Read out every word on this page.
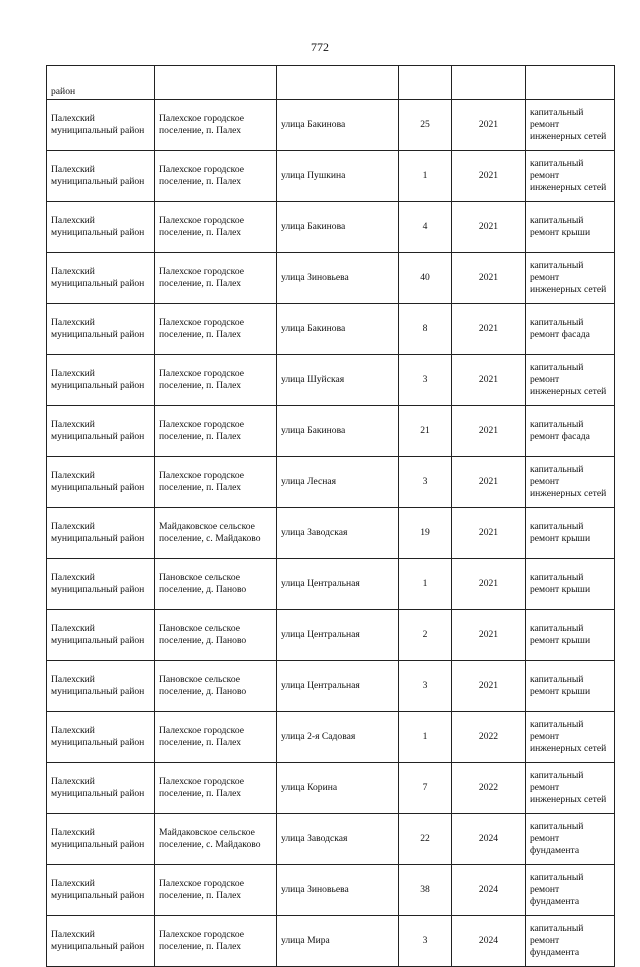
772
район					
Палехский муниципальный район	Палехское городское поселение, п. Палех	улица Бакинова	25	2021	капитальный ремонт инженерных сетей
Палехский муниципальный район	Палехское городское поселение, п. Палех	улица Пушкина	1	2021	капитальный ремонт инженерных сетей
Палехский муниципальный район	Палехское городское поселение, п. Палех	улица Бакинова	4	2021	капитальный ремонт крыши
Палехский муниципальный район	Палехское городское поселение, п. Палех	улица Зиновьева	40	2021	капитальный ремонт инженерных сетей
Палехский муниципальный район	Палехское городское поселение, п. Палех	улица Бакинова	8	2021	капитальный ремонт фасада
Палехский муниципальный район	Палехское городское поселение, п. Палех	улица Шуйская	3	2021	капитальный ремонт инженерных сетей
Палехский муниципальный район	Палехское городское поселение, п. Палех	улица Бакинова	21	2021	капитальный ремонт фасада
Палехский муниципальный район	Палехское городское поселение, п. Палех	улица Лесная	3	2021	капитальный ремонт инженерных сетей
Палехский муниципальный район	Майдаковское сельское поселение, с. Майдаково	улица Заводская	19	2021	капитальный ремонт крыши
Палехский муниципальный район	Пановское сельское поселение, д. Паново	улица Центральная	1	2021	капитальный ремонт крыши
Палехский муниципальный район	Пановское сельское поселение, д. Паново	улица Центральная	2	2021	капитальный ремонт крыши
Палехский муниципальный район	Пановское сельское поселение, д. Паново	улица Центральная	3	2021	капитальный ремонт крыши
Палехский муниципальный район	Палехское городское поселение, п. Палех	улица 2-я Садовая	1	2022	капитальный ремонт инженерных сетей
Палехский муниципальный район	Палехское городское поселение, п. Палех	улица Корина	7	2022	капитальный ремонт инженерных сетей
Палехский муниципальный район	Майдаковское сельское поселение, с. Майдаково	улица Заводская	22	2024	капитальный ремонт фундамента
Палехский муниципальный район	Палехское городское поселение, п. Палех	улица Зиновьева	38	2024	капитальный ремонт фундамента
Палехский муниципальный район	Палехское городское поселение, п. Палех	улица Мира	3	2024	капитальный ремонт фундамента
